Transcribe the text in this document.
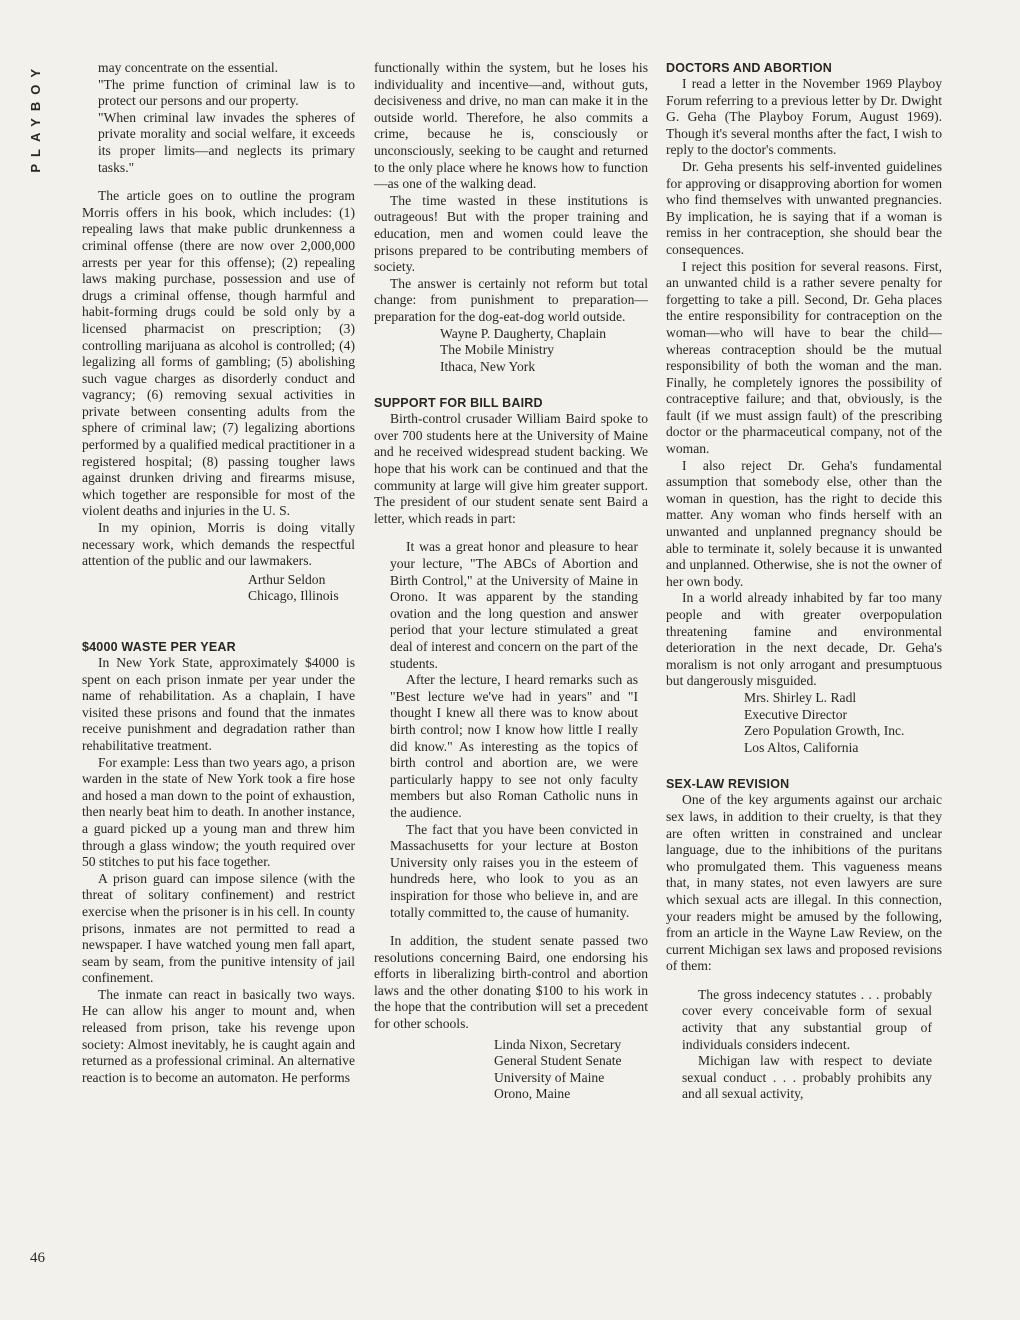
PLAYBOY
46

may concentrate on the essential.

"The prime function of criminal law is to protect our persons and our property.

"When criminal law invades the spheres of private morality and social welfare, it exceeds its proper limits—and neglects its primary tasks."

The article goes on to outline the program Morris offers in his book, which includes: (1) repealing laws that make public drunkenness a criminal offense (there are now over 2,000,000 arrests per year for this offense); (2) repealing laws making purchase, possession and use of drugs a criminal offense, though harmful and habit-forming drugs could be sold only by a licensed pharmacist on prescription; (3) controlling marijuana as alcohol is controlled; (4) legalizing all forms of gambling; (5) abolishing such vague charges as disorderly conduct and vagrancy; (6) removing sexual activities in private between consenting adults from the sphere of criminal law; (7) legalizing abortions performed by a qualified medical practitioner in a registered hospital; (8) passing tougher laws against drunken driving and firearms misuse, which together are responsible for most of the violent deaths and injuries in the U. S.

In my opinion, Morris is doing vitally necessary work, which demands the respectful attention of the public and our lawmakers.

Arthur Seldon
Chicago, Illinois
$4000 WASTE PER YEAR

In New York State, approximately $4000 is spent on each prison inmate per year under the name of rehabilitation. As a chaplain, I have visited these prisons and found that the inmates receive punishment and degradation rather than rehabilitative treatment.

For example: Less than two years ago, a prison warden in the state of New York took a fire hose and hosed a man down to the point of exhaustion, then nearly beat him to death. In another instance, a guard picked up a young man and threw him through a glass window; the youth required over 50 stitches to put his face together.

A prison guard can impose silence (with the threat of solitary confinement) and restrict exercise when the prisoner is in his cell. In county prisons, inmates are not permitted to read a newspaper. I have watched young men fall apart, seam by seam, from the punitive intensity of jail confinement.

The inmate can react in basically two ways. He can allow his anger to mount and, when released from prison, take his revenge upon society: Almost inevitably, he is caught again and returned as a professional criminal. An alternative reaction is to become an automaton. He performs

functionally within the system, but he loses his individuality and incentive—and, without guts, decisiveness and drive, no man can make it in the outside world. Therefore, he also commits a crime, because he is, consciously or unconsciously, seeking to be caught and returned to the only place where he knows how to function—as one of the walking dead.

The time wasted in these institutions is outrageous! But with the proper training and education, men and women could leave the prisons prepared to be contributing members of society.

The answer is certainly not reform but total change: from punishment to preparation—preparation for the dog-eat-dog world outside.

Wayne P. Daugherty, Chaplain
The Mobile Ministry
Ithaca, New York
SUPPORT FOR BILL BAIRD

Birth-control crusader William Baird spoke to over 700 students here at the University of Maine and he received widespread student backing. We hope that his work can be continued and that the community at large will give him greater support. The president of our student senate sent Baird a letter, which reads in part:

It was a great honor and pleasure to hear your lecture, "The ABCs of Abortion and Birth Control," at the University of Maine in Orono. It was apparent by the standing ovation and the long question and answer period that your lecture stimulated a great deal of interest and concern on the part of the students.

After the lecture, I heard remarks such as "Best lecture we've had in years" and "I thought I knew all there was to know about birth control; now I know how little I really did know." As interesting as the topics of birth control and abortion are, we were particularly happy to see not only faculty members but also Roman Catholic nuns in the audience.

The fact that you have been convicted in Massachusetts for your lecture at Boston University only raises you in the esteem of hundreds here, who look to you as an inspiration for those who believe in, and are totally committed to, the cause of humanity.

In addition, the student senate passed two resolutions concerning Baird, one endorsing his efforts in liberalizing birth-control and abortion laws and the other donating $100 to his work in the hope that the contribution will set a precedent for other schools.

Linda Nixon, Secretary
General Student Senate
University of Maine
Orono, Maine
DOCTORS AND ABORTION

I read a letter in the November 1969 Playboy Forum referring to a previous letter by Dr. Dwight G. Geha (The Playboy Forum, August 1969). Though it's several months after the fact, I wish to reply to the doctor's comments.

Dr. Geha presents his self-invented guidelines for approving or disapproving abortion for women who find themselves with unwanted pregnancies. By implication, he is saying that if a woman is remiss in her contraception, she should bear the consequences.

I reject this position for several reasons. First, an unwanted child is a rather severe penalty for forgetting to take a pill. Second, Dr. Geha places the entire responsibility for contraception on the woman—who will have to bear the child—whereas contraception should be the mutual responsibility of both the woman and the man. Finally, he completely ignores the possibility of contraceptive failure; and that, obviously, is the fault (if we must assign fault) of the prescribing doctor or the pharmaceutical company, not of the woman.

I also reject Dr. Geha's fundamental assumption that somebody else, other than the woman in question, has the right to decide this matter. Any woman who finds herself with an unwanted and unplanned pregnancy should be able to terminate it, solely because it is unwanted and unplanned. Otherwise, she is not the owner of her own body.

In a world already inhabited by far too many people and with greater overpopulation threatening famine and environmental deterioration in the next decade, Dr. Geha's moralism is not only arrogant and presumptuous but dangerously misguided.

Mrs. Shirley L. Radl
Executive Director
Zero Population Growth, Inc.
Los Altos, California
SEX-LAW REVISION

One of the key arguments against our archaic sex laws, in addition to their cruelty, is that they are often written in constrained and unclear language, due to the inhibitions of the puritans who promulgated them. This vagueness means that, in many states, not even lawyers are sure which sexual acts are illegal. In this connection, your readers might be amused by the following, from an article in the Wayne Law Review, on the current Michigan sex laws and proposed revisions of them:

The gross indecency statutes . . . probably cover every conceivable form of sexual activity that any substantial group of individuals considers indecent.

Michigan law with respect to deviate sexual conduct . . . probably prohibits any and all sexual activity,
